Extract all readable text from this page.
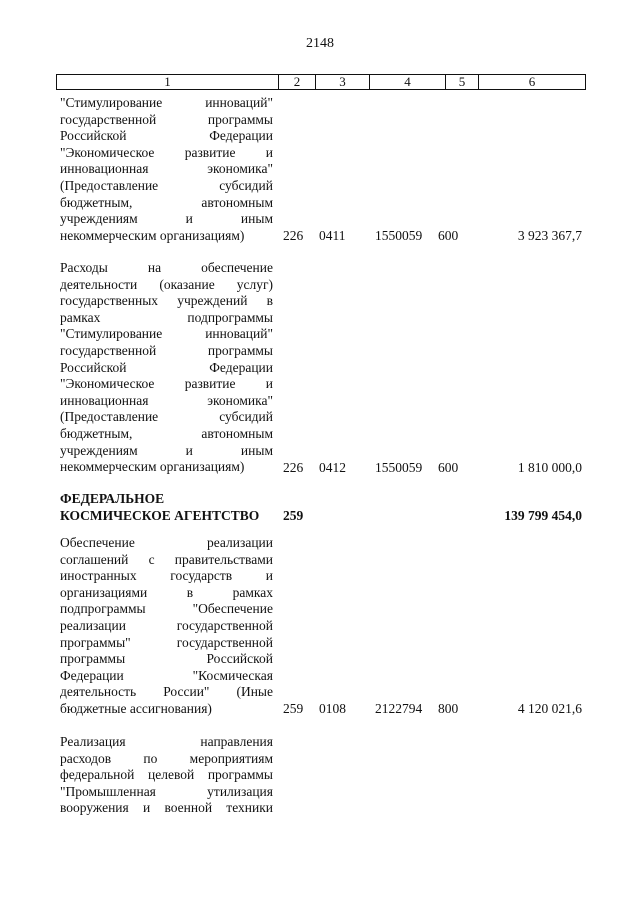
2148
1	2	3	4	5	6
"Стимулирование инноваций"
государственной программы
Российской Федерации
"Экономическое развитие и
инновационная экономика"
(Предоставление субсидий
бюджетным, автономным
учреждениям и иным
некоммерческим организациям)	226 0411 1550059 600	3 923 367,7
Расходы на обеспечение
деятельности (оказание услуг)
государственных учреждений в
рамках подпрограммы
"Стимулирование инноваций"
государственной программы
Российской Федерации
"Экономическое развитие и
инновационная экономика"
(Предоставление субсидий
бюджетным, автономным
учреждениям и иным
некоммерческим организациям)	226 0412 1550059 600	1 810 000,0
ФЕДЕРАЛЬНОЕ
КОСМИЧЕСКОЕ АГЕНТСТВО	259	139 799 454,0
Обеспечение реализации
соглашений с правительствами
иностранных государств и
организациями в рамках
подпрограммы "Обеспечение
реализации государственной
программы" государственной
программы Российской
Федерации "Космическая
деятельность России" (Иные
бюджетные ассигнования)	259 0108 2122794 800	4 120 021,6
Реализация направления
расходов по мероприятиям
федеральной целевой программы
"Промышленная утилизация
вооружения и военной техники
